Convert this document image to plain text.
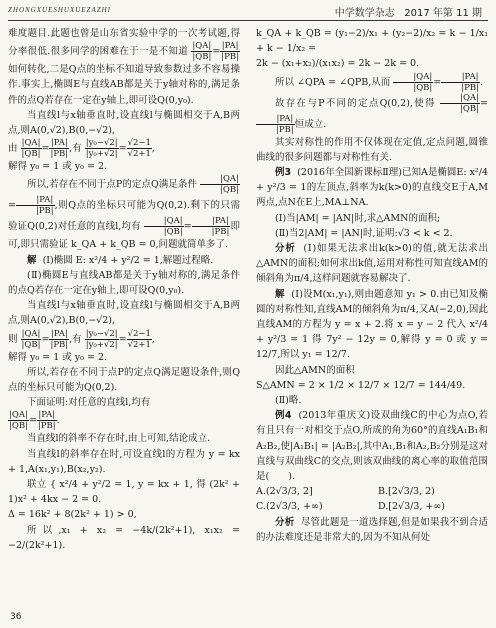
ZHONGXUESHUXUEZAZHI	中学数学杂志 2017 年第 11 期

难度题目.此题也曾是山东省实验中学的一次考试题,得分率很低.很多同学的困难在于一是不知道 $\frac{|QA|}{|QB|} = \frac{|PA|}{|PB|}$
如何转化,二是Q点的坐标不知道导致参数过多不容易操作.事实上,椭圆E与直线AB都是关于y轴对称的,满足条件的点Q若存在一定在y轴上,即可设Q(0,y₀).

当直线l与x轴垂直时,设直线l与椭圆相交于A,B两点,则A(0,√2),B(0,−√2),

由 $\frac{|QA|}{|QB|} = \frac{|PA|}{|PB|}$ ,有 $\frac{\text{|y₀−√2|}}{\text{|y₀+√2|}} = \frac{√2-1}{√2+1}$ ,

解得 y₀ = 1 或 y₀ = 2.

所以,若存在不同于点P的定点Q满足条件 $\frac{|QA|}{|QB|}$
= $\frac{|PA|}{|PB|}$ ,则Q点的坐标只可能为Q(0,2).剩下的只需验证Q(0,2)对任意的直线l,均有 $\frac{|QA|}{|QB|} = \frac{|PA|}{|PB|}$ 即可,即只需验证 k_QA + k_QB = 0,问题就简单多了.

解 (Ⅰ)椭圆 E: x²/4 + y²/2 = 1,解题过程略.

(Ⅱ)椭圆E与直线AB都是关于y轴对称的,满足条件的点Q若存在一定在y轴上,即可设Q(0,y₀).

当直线l与x轴垂直时,设直线l与椭圆相交于A,B两点,则A(0,√2),B(0,−√2),

则 $\frac{|QA|}{|QB|} = \frac{|PA|}{|PB|}$ ,有 $\frac{\text{|y₀−√2|}}{\text{|y₀+√2|}} = \frac{√2-1}{√2+1}$ ,

解得 y₀ = 1 或 y₀ = 2.

所以,若存在不同于点P的定点Q满足题设条件,则Q点的坐标只可能为Q(0,2).

下面证明:对任意的直线l,均有

$\frac{|QA|}{|QB|} = \frac{|PA|}{|PB|}$ .

当直线l的斜率不存在时,由上可知,结论成立.

当直线l的斜率存在时,可设直线l的方程为 y = kx + 1,A(x₁,y₁),B(x₂,y₂).

联立 { x²/4 + y²/2 = 1, y = kx + 1, 得 (2k² + 1)x² + 4kx − 2 = 0.

Δ = 16k² + 8(2k² + 1) > 0,

所以,x₁ + x₂ = −4k/(2k²+1), x₁x₂ = −2/(2k²+1).

k_QA + k_QB = (y₁−2)/x₁ + (y₂−2)/x₂ = k − 1/x₁ + k − 1/x₂ =

2k − (x₁+x₂)/(x₁x₂) = 2k − 2k = 0.

所以 ∠QPA = ∠QPB,从而 $\frac{|QA|}{|QB|} = \frac{|PA|}{|PB|}$ .

故存在与P不同的定点Q(0,2),使得 $\frac{|QA|}{|QB|}$ =
$\frac{|PA|}{|PB|}$ 恒成立.

其实对称性的作用不仅体现在定值,定点问题,圆锥曲线的很多问题都与对称性有关.

例3 (2016年全国新课标Ⅱ理)已知A是椭圆E: x²/4 + y²/3 = 1的左顶点,斜率为k(k>0)的直线交E于A,M两点,点N在E上,MA⊥NA.

(Ⅰ)当|AM| = |AN|时,求△AMN的面积;

(Ⅱ)当2|AM| = |AN|时,证明:√3 < k < 2.

分析 (Ⅰ)如果无法求出k(k>0)的值,就无法求出△AMN的面积;如何求出k值,运用对称性可知直线AM的倾斜角为π/4,这样问题就容易解决了.

解 (Ⅰ)设M(x₁,y₁),则由题意知 y₁ > 0.由已知及椭圆的对称性知,直线AM的倾斜角为π/4,又A(−2,0),因此直线AM的方程为 y = x + 2.将 x = y − 2 代入 x²/4 + y²/3 = 1 得 7y² − 12y = 0,解得 y = 0 或 y = 12/7,所以 y₁ = 12/7.

因此△AMN的面积

S△AMN = 2 × 1/2 × 12/7 × 12/7 = 144/49.

(Ⅱ)略.

例4 (2013年重庆文)设双曲线C的中心为点O,若有且只有一对相交于点O,所成的角为60°的直线A₁B₁和A₂B₂,使|A₁B₁| = |A₂B₂|,其中A₁,B₁和A₂,B₂分别是这对直线与双曲线C的交点,则该双曲线的离心率的取值范围是(　　).

A.(2√3/3, 2]	B.[2√3/3, 2)
C.(2√3/3, +∞)	D.[2√3/3, +∞)

分析 尽管此题是一道选择题,但是如果我不到合适的办法难度还是非常大的,因为不知从何处

36
